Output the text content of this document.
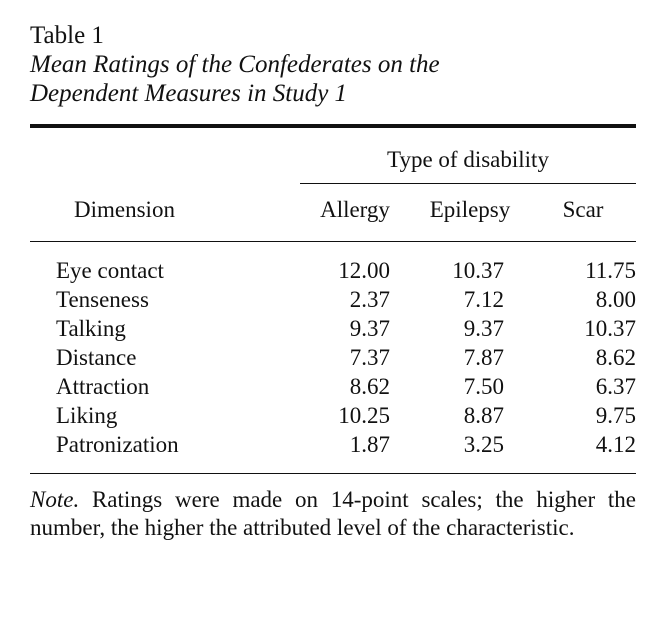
Table 1
Mean Ratings of the Confederates on the
Dependent Measures in Study 1
	Type of disability		

Dimension	Allergy	Epilepsy	Scar

Eye contact	12.00	10.37	11.75
Tenseness	2.37	7.12	8.00
Talking	9.37	9.37	10.37
Distance	7.37	7.87	8.62
Attraction	8.62	7.50	6.37
Liking	10.25	8.87	9.75
Patronization	1.87	3.25	4.12

Note. Ratings were made on 14-point scales; the higher the number, the higher the attributed level of the characteristic.
